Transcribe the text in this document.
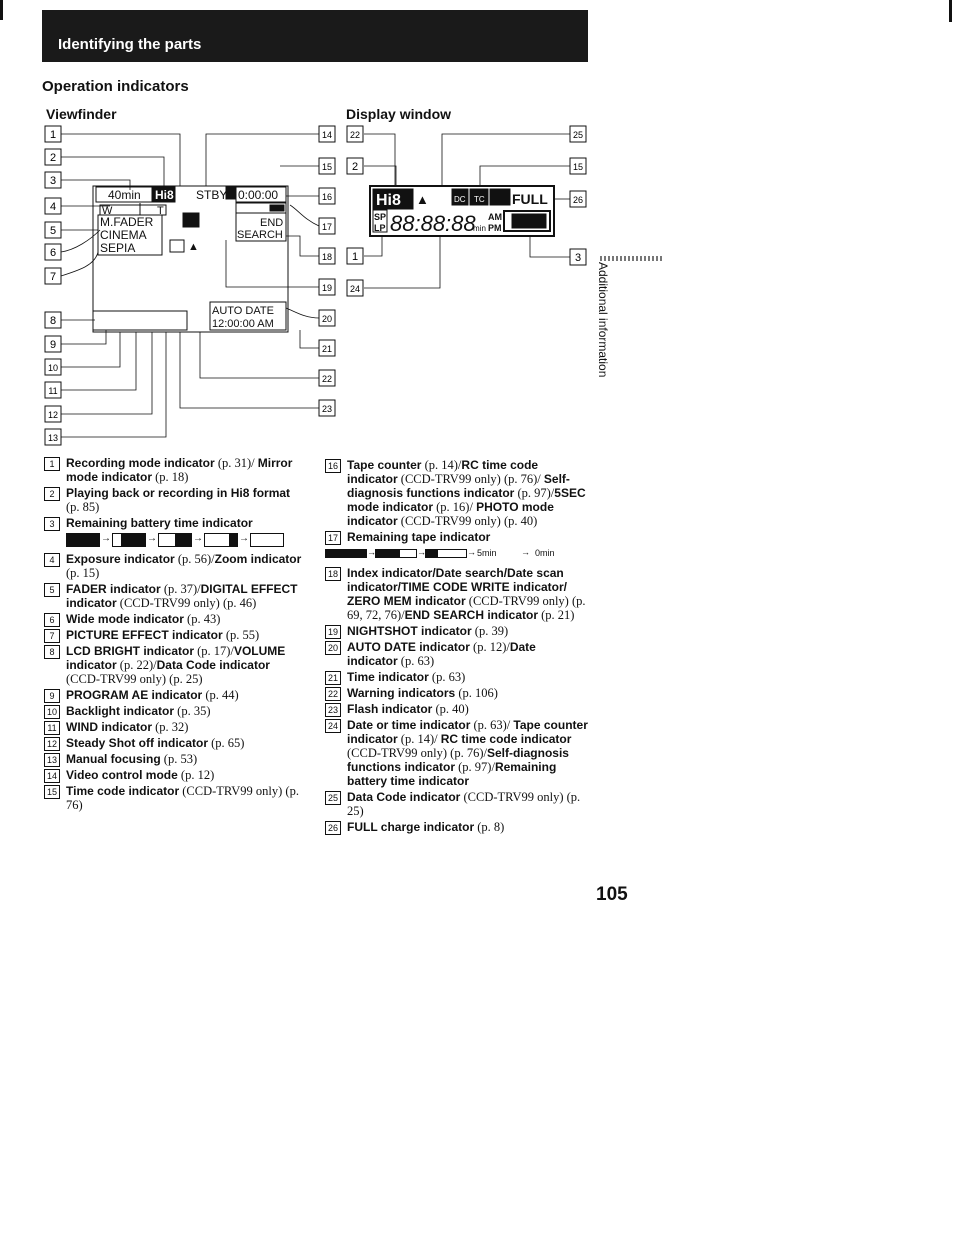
Identifying the parts
Operation indicators
Viewfinder	Display window
Additional information
40min Hi8 STBY 0:00:00
W	T
M.FADER
CINEMA
SEPIA
END
SEARCH
AUTO DATE
12:00:00 AM
▲
Hi8 ▲	DC TC FULL
SP
LP 88:88:88 AM
min PM
1
2
3
4
5
6
7
8
9
10
11
12
13
14
15
16
17
18
19
20
21
22
23
22
2
1
24
25
15
26
3
1 Recording mode indicator (p. 31)/ Mirror mode indicator (p. 18)
2 Playing back or recording in Hi8 format (p. 85)
3 Remaining battery time indicator
→	→	→	→
4 Exposure indicator (p. 56)/Zoom indicator (p. 15)
5 FADER indicator (p. 37)/DIGITAL EFFECT indicator (CCD-TRV99 only) (p. 46)
6 Wide mode indicator (p. 43)
7 PICTURE EFFECT indicator (p. 55)
8 LCD BRIGHT indicator (p. 17)/VOLUME indicator (p. 22)/Data Code indicator (CCD-TRV99 only) (p. 25)
9 PROGRAM AE indicator (p. 44)
10 Backlight indicator (p. 35)
11 WIND indicator (p. 32)
12 Steady Shot off indicator (p. 65)
13 Manual focusing (p. 53)
14 Video control mode (p. 12)
15 Time code indicator (CCD-TRV99 only) (p. 76)
16 Tape counter (p. 14)/RC time code indicator (CCD-TRV99 only) (p. 76)/ Self-diagnosis functions indicator (p. 97)/5SEC mode indicator (p. 16)/ PHOTO mode indicator (CCD-TRV99 only) (p. 40)
17 Remaining tape indicator
→	→	→ 5min	→ 0min
18 Index indicator/Date search/Date scan indicator/TIME CODE WRITE indicator/ ZERO MEM indicator (CCD-TRV99 only) (p. 69, 72, 76)/END SEARCH indicator (p. 21)
19 NIGHTSHOT indicator (p. 39)
20 AUTO DATE indicator (p. 12)/Date indicator (p. 63)
21 Time indicator (p. 63)
22 Warning indicators (p. 106)
23 Flash indicator (p. 40)
24 Date or time indicator (p. 63)/ Tape counter indicator (p. 14)/ RC time code indicator (CCD-TRV99 only) (p. 76)/Self-diagnosis functions indicator (p. 97)/Remaining battery time indicator
25 Data Code indicator (CCD-TRV99 only) (p. 25)
26 FULL charge indicator (p. 8)
105
